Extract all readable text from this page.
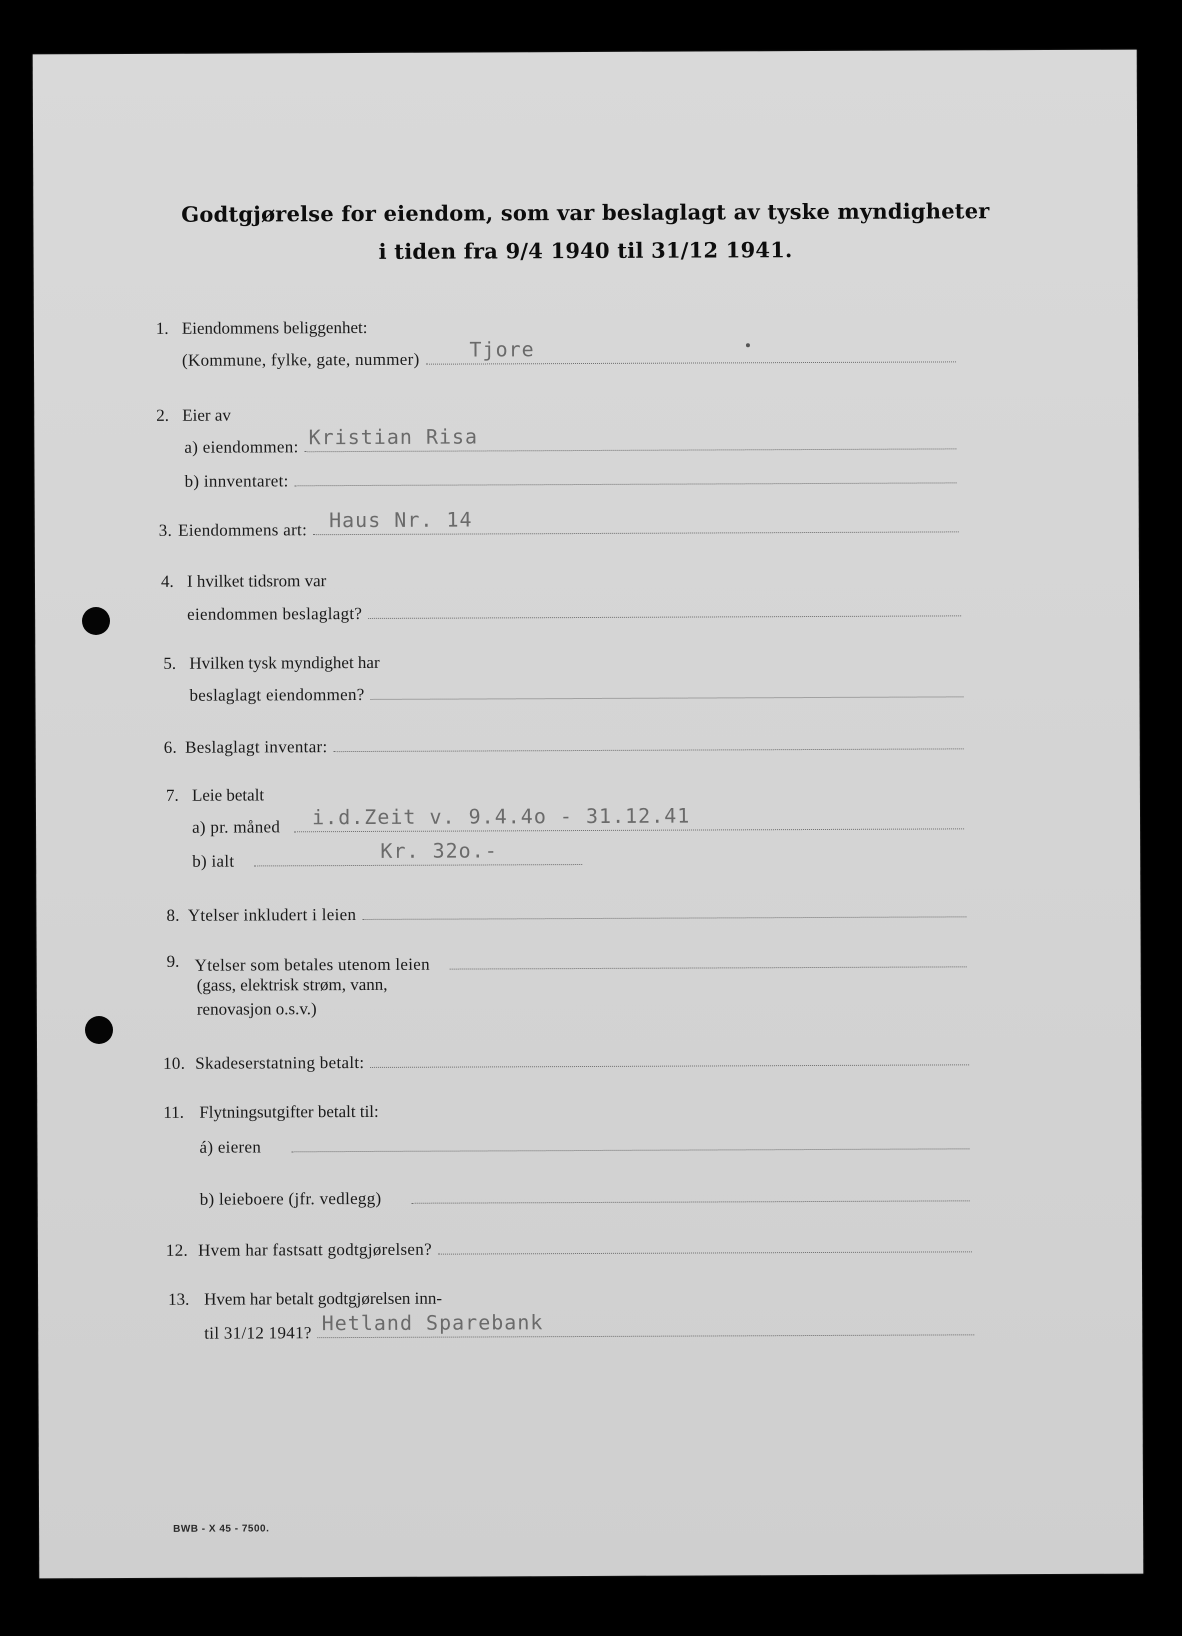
Godtgjørelse for eiendom, som var beslaglagt av tyske myndigheter
i tiden fra 9/4 1940 til 31/12 1941.
1. Eiendommens beliggenhet:
(Kommune, fylke, gate, nummer) Tjore
2. Eier av
a) eiendommen: Kristian Risa
b) innventaret:
3. Eiendommens art: Haus Nr. 14
4. I hvilket tidsrom var
eiendommen beslaglagt?
5. Hvilken tysk myndighet har
beslaglagt eiendommen?
6. Beslaglagt inventar:
7. Leie betalt
a) pr. måned i.d.Zeit v. 9.4.4o - 31.12.41
b) ialt	Kr. 32o.-
8. Ytelser inkludert i leien
9. Ytelser som betales utenom leien
(gass, elektrisk strøm, vann,
renovasjon o.s.v.)
10. Skadeserstatning betalt:
11. Flytningsutgifter betalt til:
á) eieren
b) leieboere (jfr. vedlegg)
12. Hvem har fastsatt godtgjørelsen?
13. Hvem har betalt godtgjørelsen inn-
til 31/12 1941? Hetland Sparebank
BWB - X 45 - 7500.
